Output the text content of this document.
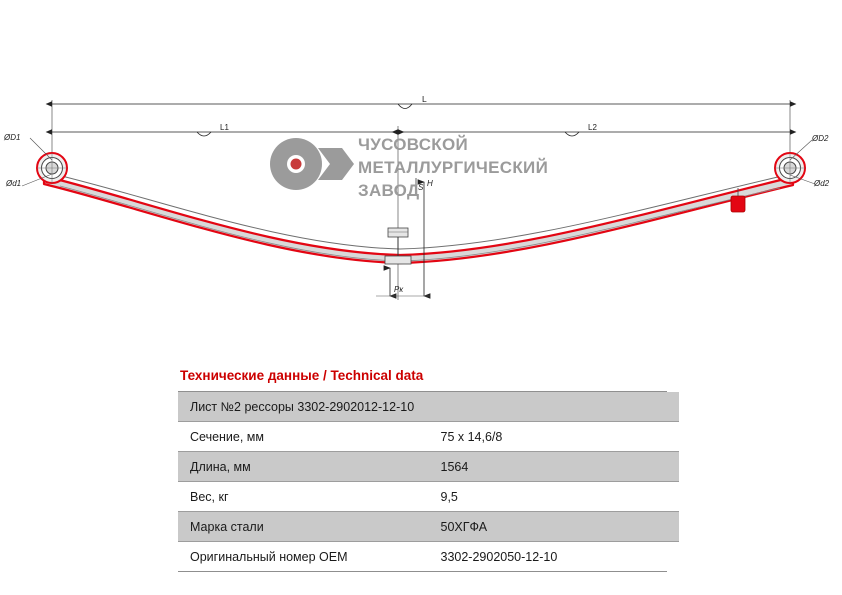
L
L1	L2
ØD1
Ød1
ØD2
Ød2
H
Рк
S
ЧУСОВСКОЙ
МЕТАЛЛУРГИЧЕСКИЙ
ЗАВОД
Технические данные / Technical data
Лист №2 рессоры 3302-2902012-12-10	

Сечение, мм	75 x 14,6/8

Длина, мм	1564

Вес, кг	9,5

Марка стали	50ХГФА

Оригинальный номер OEM	3302-2902050-12-10
